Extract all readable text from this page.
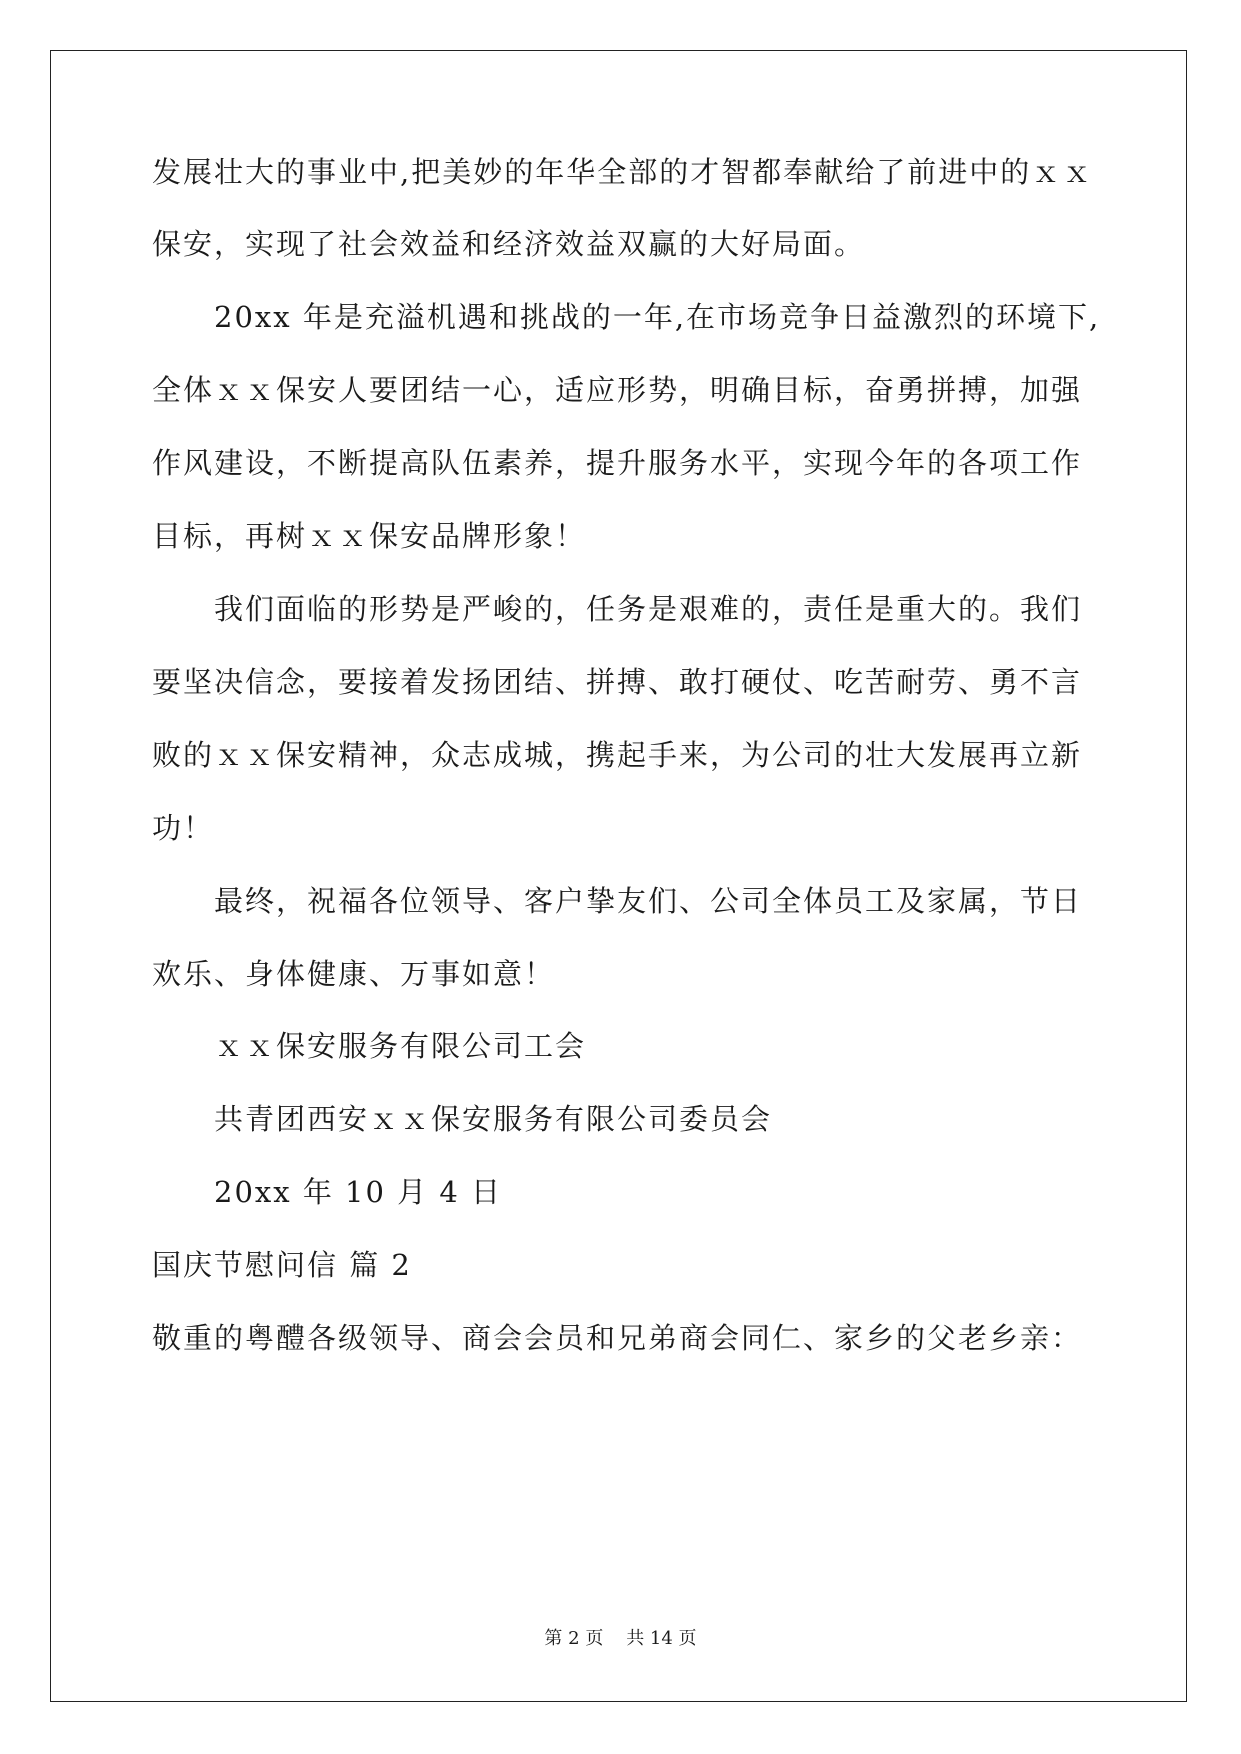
发展壮大的事业中,把美妙的年华全部的才智都奉献给了前进中的ｘｘ
保安，实现了社会效益和经济效益双赢的大好局面。
20xx 年是充溢机遇和挑战的一年,在市场竞争日益激烈的环境下,
全体ｘｘ保安人要团结一心，适应形势，明确目标，奋勇拼搏，加强
作风建设，不断提高队伍素养，提升服务水平，实现今年的各项工作
目标，再树ｘｘ保安品牌形象！
我们面临的形势是严峻的，任务是艰难的，责任是重大的。我们
要坚决信念，要接着发扬团结、拼搏、敢打硬仗、吃苦耐劳、勇不言
败的ｘｘ保安精神，众志成城，携起手来，为公司的壮大发展再立新
功！
最终，祝福各位领导、客户挚友们、公司全体员工及家属，节日
欢乐、身体健康、万事如意！
ｘｘ保安服务有限公司工会
共青团西安ｘｘ保安服务有限公司委员会
20xx 年 10 月 4 日
国庆节慰问信 篇 2
敬重的粤醴各级领导、商会会员和兄弟商会同仁、家乡的父老乡亲：
第 2 页    共 14 页
